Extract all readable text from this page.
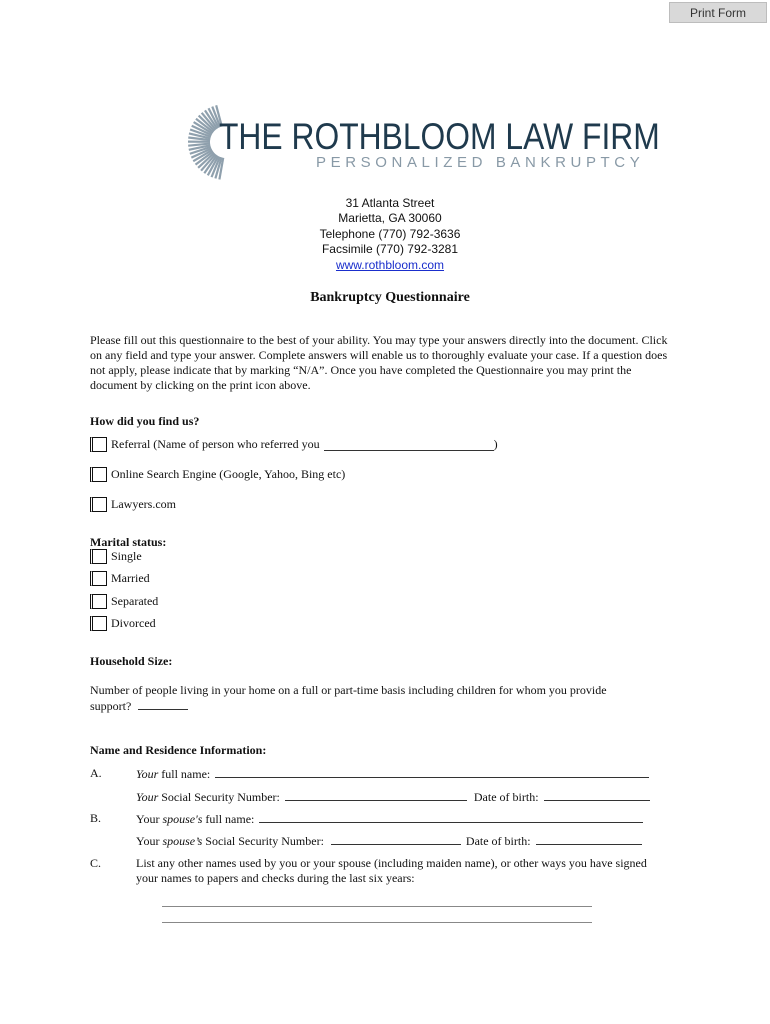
Print Form
THE ROTHBLOOM LAW FIRM
PERSONALIZED BANKRUPTCY
31 Atlanta Street
Marietta, GA 30060
Telephone (770) 792-3636
Facsimile (770) 792-3281
www.rothbloom.com
Bankruptcy Questionnaire
Please fill out this questionnaire to the best of your ability. You may type your answers directly into the document. Click on any field and type your answer. Complete answers will enable us to thoroughly evaluate your case. If a question does not apply, please indicate that by marking “N/A”. Once you have completed the Questionnaire you may print the document by clicking on the print icon above.
How did you find us?
Referral (Name of person who referred you	)
Online Search Engine (Google, Yahoo, Bing etc)
Lawyers.com
Marital status:
Single
Married
Separated
Divorced
Household Size:
Number of people living in your home on a full or part-time basis including children for whom you provide
support?
Name and Residence Information:
A.	Your full name:
Your Social Security Number:	Date of birth:
B.	Your spouse's full name:
Your spouse’s Social Security Number:	Date of birth:
C.	List any other names used by you or your spouse (including maiden name), or other ways you have signed
your names to papers and checks during the last six years:
